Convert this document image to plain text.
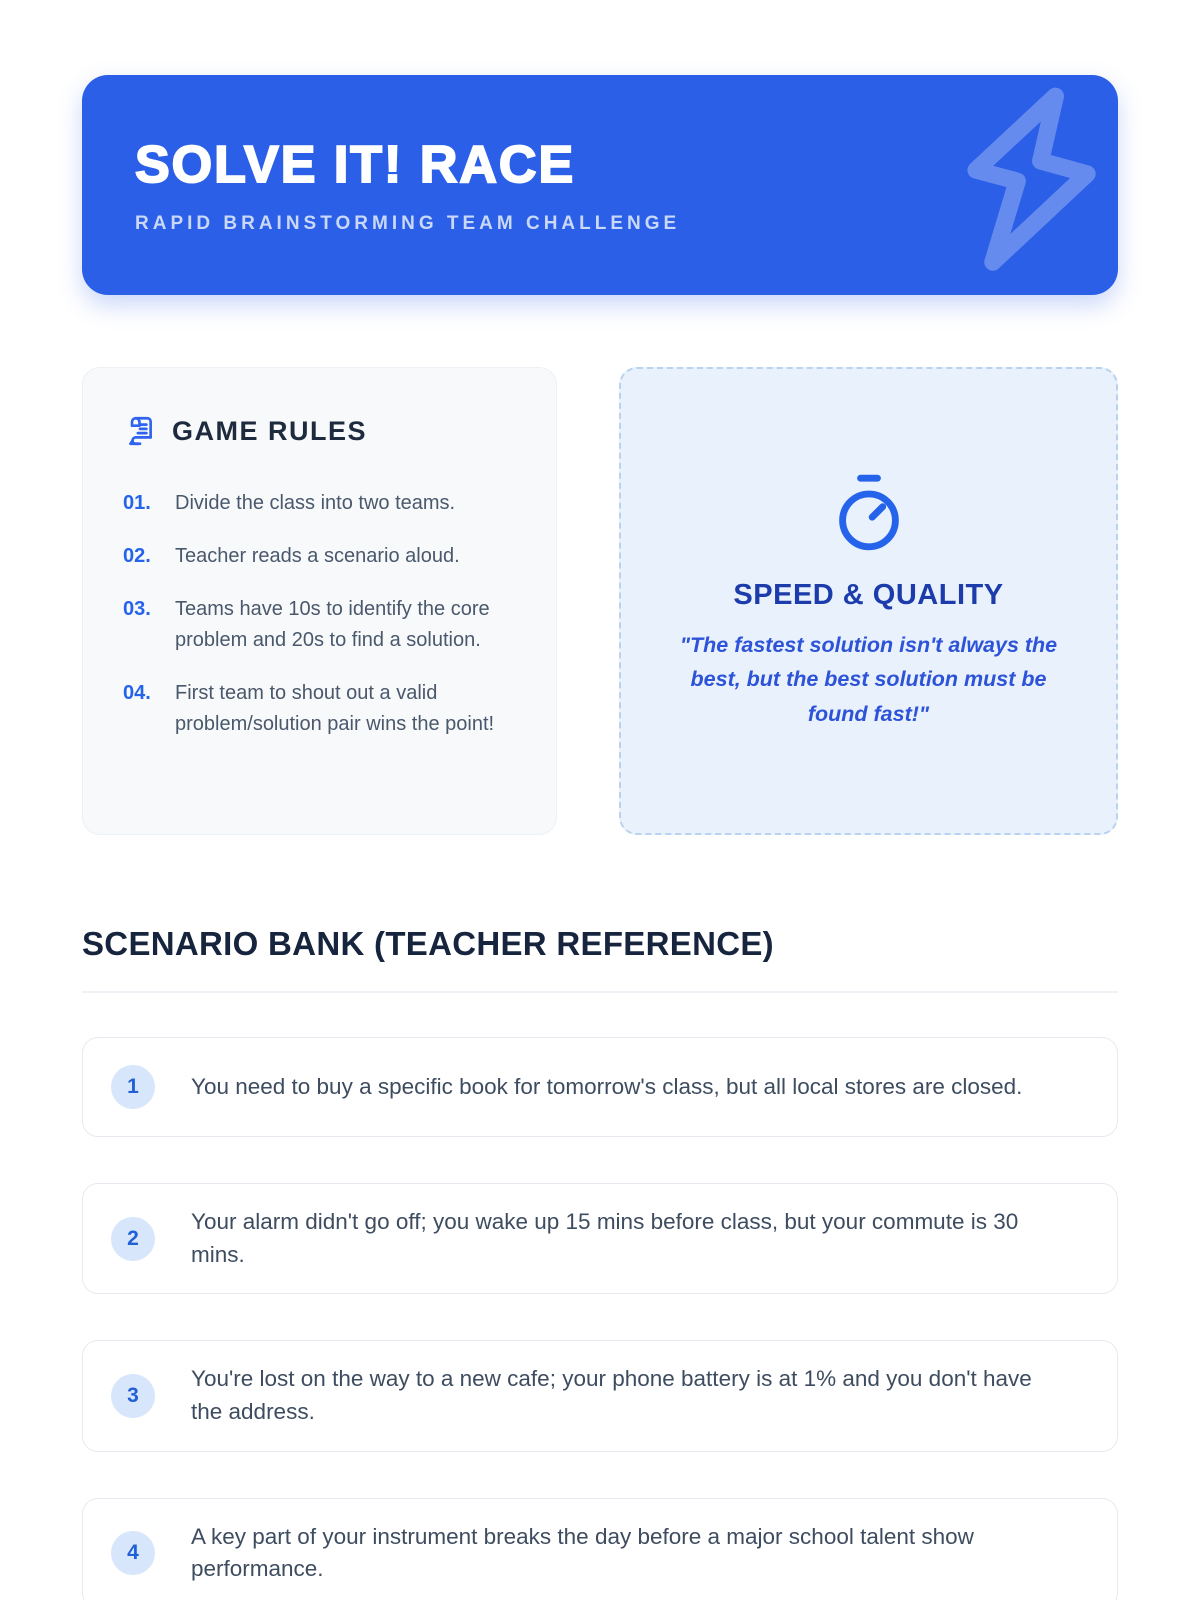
SOLVE IT! RACE
RAPID BRAINSTORMING TEAM CHALLENGE
GAME RULES
01.	Divide the class into two teams.
02.	Teacher reads a scenario aloud.
03.	Teams have 10s to identify the core problem and 20s to find a solution.
04.	First team to shout out a valid problem/solution pair wins the point!
SPEED & QUALITY

"The fastest solution isn't always the best, but the best solution must be found fast!"

SCENARIO BANK (TEACHER REFERENCE)
1	You need to buy a specific book for tomorrow's class, but all local stores are closed.

2

Your alarm didn't go off; you wake up 15 mins before class, but your commute is 30 mins.

3

You're lost on the way to a new cafe; your phone battery is at 1% and you don't have the address.

4

A key part of your instrument breaks the day before a major school talent show performance.
